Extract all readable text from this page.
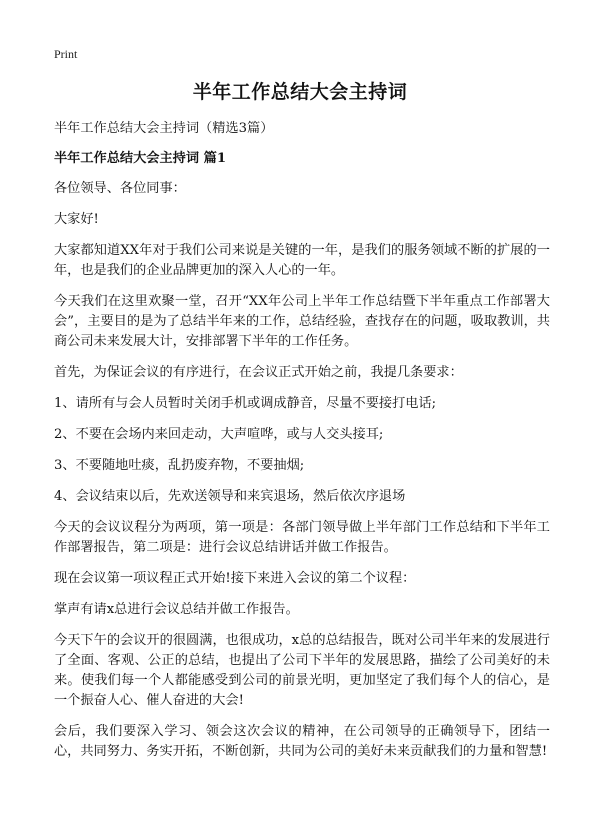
Print
半年工作总结大会主持词

半年工作总结大会主持词（精选3篇）

半年工作总结大会主持词 篇1

各位领导、各位同事：

大家好!

大家都知道XX年对于我们公司来说是关键的一年，是我们的服务领域不断的扩展的一年，也是我们的企业品牌更加的深入人心的一年。

今天我们在这里欢聚一堂，召开“XX年公司上半年工作总结暨下半年重点工作部署大会”，主要目的是为了总结半年来的工作，总结经验，查找存在的问题，吸取教训，共商公司未来发展大计，安排部署下半年的工作任务。

首先，为保证会议的有序进行，在会议正式开始之前，我提几条要求：

1、请所有与会人员暂时关闭手机或调成静音，尽量不要接打电话;

2、不要在会场内来回走动，大声喧哗，或与人交头接耳;

3、不要随地吐痰，乱扔废弃物，不要抽烟;

4、会议结束以后，先欢送领导和来宾退场，然后依次序退场

今天的会议议程分为两项，第一项是：各部门领导做上半年部门工作总结和下半年工作部署报告，第二项是：进行会议总结讲话并做工作报告。

现在会议第一项议程正式开始!接下来进入会议的第二个议程：

掌声有请x总进行会议总结并做工作报告。

今天下午的会议开的很圆满，也很成功，x总的总结报告，既对公司半年来的发展进行了全面、客观、公正的总结，也提出了公司下半年的发展思路，描绘了公司美好的未来。使我们每一个人都能感受到公司的前景光明，更加坚定了我们每个人的信心，是一个振奋人心、催人奋进的大会!

会后，我们要深入学习、领会这次会议的精神，在公司领导的正确领导下，团结一心，共同努力、务实开拓，不断创新，共同为公司的美好未来贡献我们的力量和智慧!
